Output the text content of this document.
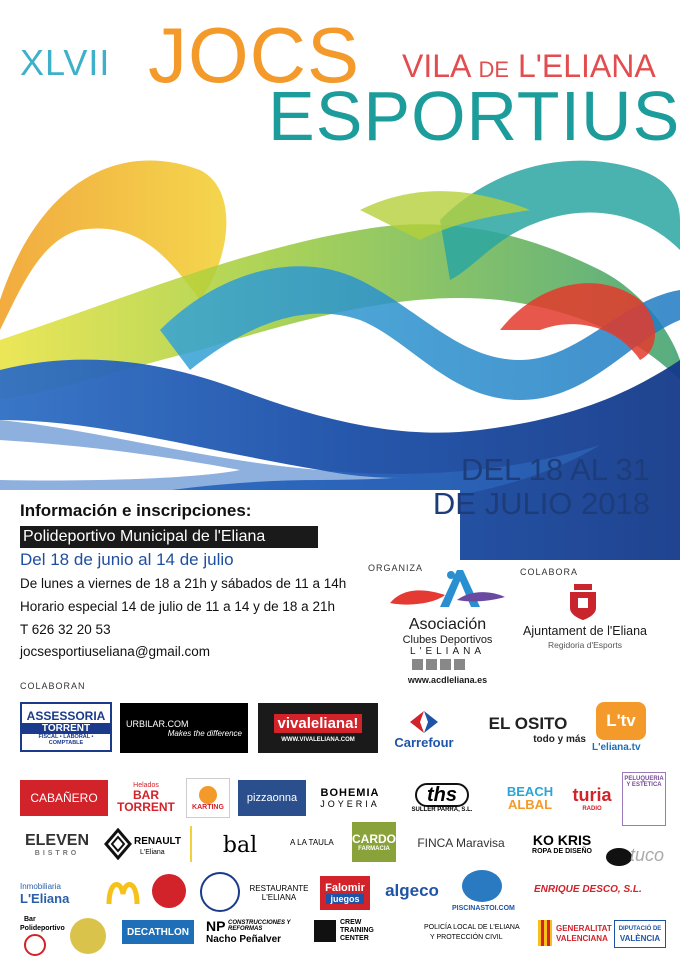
XLVII JOCS VILA DE L'ELIANA
ESPORTIUS
DEL 18 AL 31
DE JULIO 2018
Información e inscripciones:
Polideportivo Municipal de l'Eliana
Del 18 de junio al 14 de julio
De lunes a viernes de 18 a 21h y sábados de 11 a 14h
Horario especial 14 de julio de 11 a 14 y de 18 a 21h
T 626 32 20 53
jocsesportiuseliana@gmail.com
ORGANIZA
Asociación
Clubes Deportivos
L'ELIANA
www.acdleliana.es
COLABORA
Ajuntament de l'Eliana
Regidoria d'Esports
COLABORAN
ASSESSORIA
TORRENT
FISCAL • LABORAL • COMPTABLE
URBILAR.COM
Makes the difference
vivaleliana!
WWW.VIVALELIANA.COM	Carrefour
EL OSITO
todo y más
L'tv
L'eliana.tv
CABAÑERO
Helados
BAR TORRENT KARTING
pizzaonna	BOHEMIA
JOYERIA	ths
SULLER PARRA, S.L.
BEACH
ALBAL turia
RADIO
PELUQUERIA Y ESTETICA
ELEVEN
BISTRO
RENAULT
L'Eliana	bal	A LA TAULA CARDO
FARMACIA	FINCA Maravisa	KO KRIS
ROPA DE DISEÑO tuco
Inmobiliaria
L'Eliana
RESTAURANTE
L'ELIANA
Falomir
juegos algeco
PISCINASTOI.COM
ENRIQUE DESCO, S.L.
Bar
Polideportivo	DECATHLON	NP CONSTRUCCIONES Y REFORMAS
Nacho Peñalver
CREW TRAINING CENTER
POLICÍA LOCAL DE L'ELIANA
Y PROTECCIÓN CIVIL
GENERALITAT
VALENCIANA
DIPUTACIÓ DE
VALÈNCIA
